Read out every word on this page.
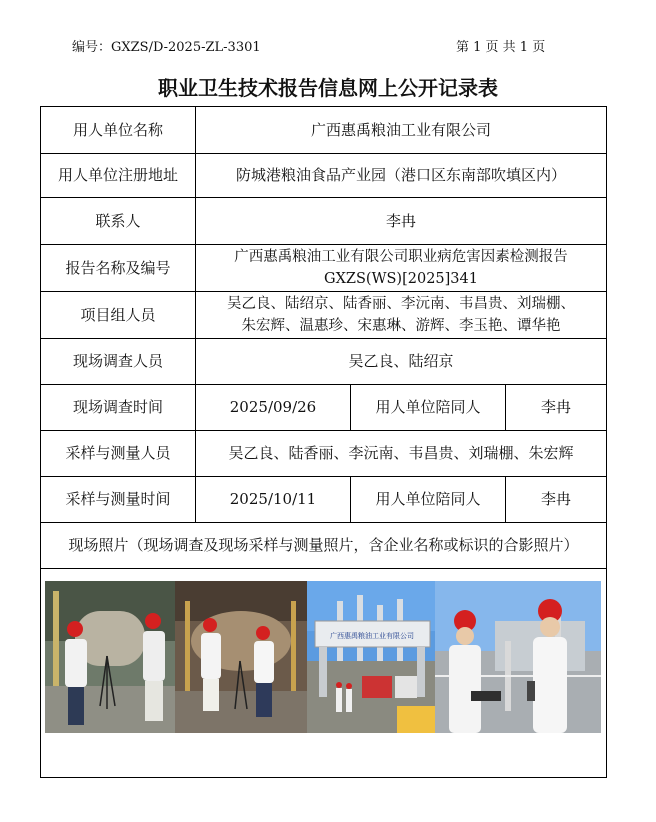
编号：GXZS/D-2025-ZL-3301	第 1 页 共 1 页
职业卫生技术报告信息网上公开记录表
用人单位名称	广西惠禹粮油工业有限公司		
用人单位注册地址	防城港粮油食品产业园（港口区东南部吹填区内）		
联系人	李冉		
报告名称及编号	广西惠禹粮油工业有限公司职业病危害因素检测报告
GXZS(WS)[2025]341		

项目组人员	吴乙良、陆绍京、陆香丽、李沅南、韦昌贵、刘瑞棚、
朱宏辉、温惠珍、宋惠琳、游辉、李玉艳、谭华艳		

现场调查人员	吴乙良、陆绍京		
现场调查时间	2025/09/26	用人单位陪同人	李冉
采样与测量人员	吴乙良、陆香丽、李沅南、韦昌贵、刘瑞棚、朱宏辉		
采样与测量时间	2025/10/11	用人单位陪同人	李冉
现场照片（现场调查及现场采样与测量照片，含企业名称或标识的合影照片）			
广西惠禹粮油工业有限公司
